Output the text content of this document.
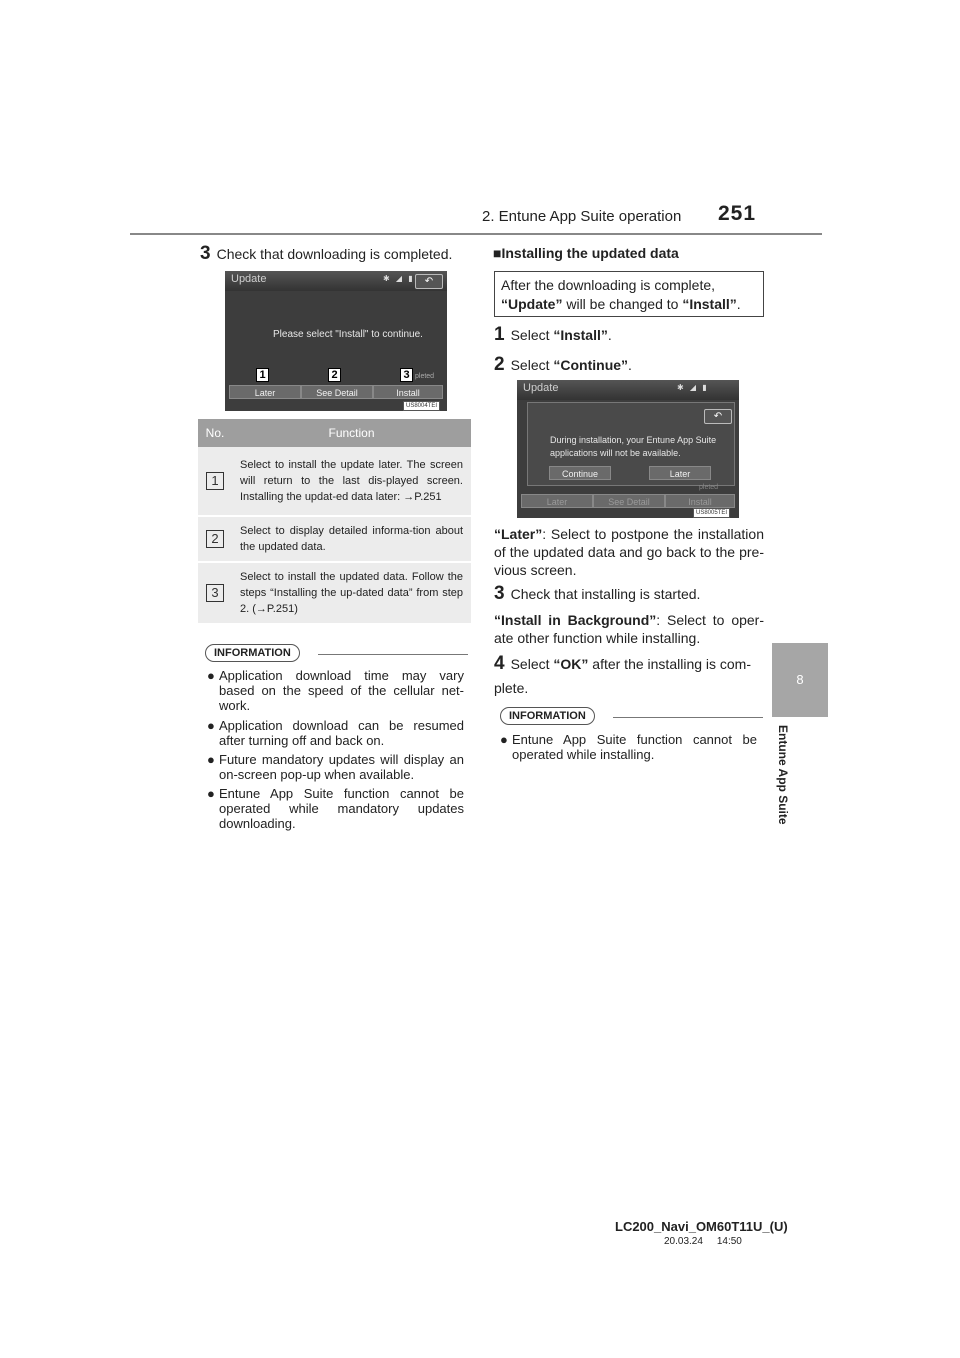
2. Entune App Suite operation 251
8
Entune App Suite
3 Check that downloading is completed.
Update	✱ ◢ ▮	↶
Please select "Install" to continue.
pleted
Later	See Detail	Install
1	2	3
US8004TEI
No.	Function
1	Select to install the update later. The screen will return to the last dis-played screen. Installing the updat-ed data later: →P.251
2	Select to display detailed informa-tion about the updated data.
3	Select to install the updated data. Follow the steps “Installing the up-dated data” from step 2. (→P.251)
INFORMATION
● Application download time may vary based on the speed of the cellular net-work.
● Application download can be resumed after turning off and back on.
● Future mandatory updates will display an on-screen pop-up when available.
● Entune App Suite function cannot be operated while mandatory updates downloading.
■Installing the updated data
After the downloading is complete,
“Update” will be changed to “Install”.
1 Select “Install”.
2 Select “Continue”.
Update	✱ ◢ ▮
↶
During installation, your Entune App Suite
applications will not be available.
Continue	Later
pleted
Later	See Detail	Install
US8005TEI
“Later”: Select to postpone the installation of the updated data and go back to the pre-vious screen.
3 Check that installing is started.
“Install in Background”: Select to oper-ate other function while installing.
4 Select “OK” after the installing is com-plete.
INFORMATION
● Entune App Suite function cannot be operated while installing.
LC200_Navi_OM60T11U_(U)
20.03.24     14:50
